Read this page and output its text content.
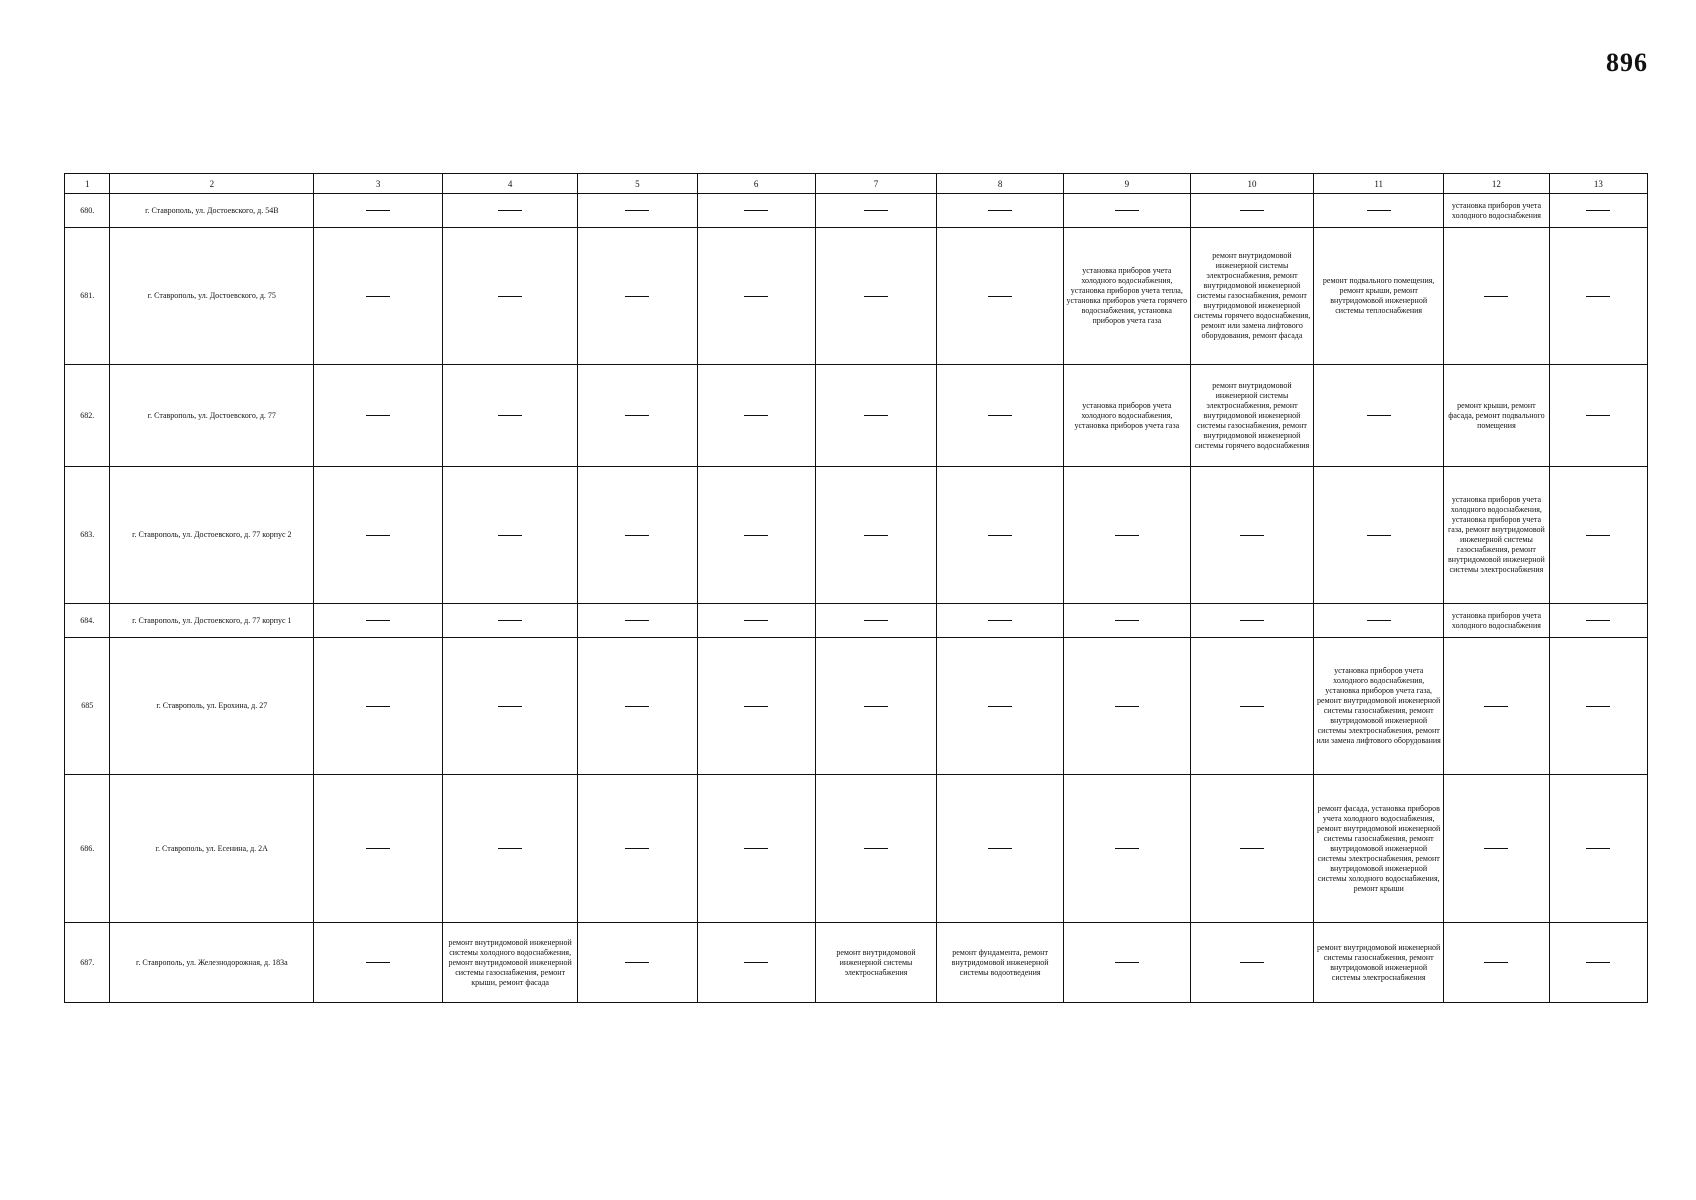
896
1	2	3	4	5	6	7	8	9	10	11	12	13
680.	г. Ставрополь, ул. Достоевского, д. 54В										установка приборов учета холодного водоснабжения	
681.	г. Ставрополь, ул. Достоевского, д. 75							установка приборов учета холодного водоснабжения, установка приборов учета тепла, установка приборов учета горячего водоснабжения, установка приборов учета газа	ремонт внутридомовой инженерной системы электроснабжения, ремонт внутридомовой инженерной системы газоснабжения, ремонт внутридомовой инженерной системы горячего водоснабжения, ремонт или замена лифтового оборудования, ремонт фасада	ремонт подвального помещения, ремонт крыши, ремонт внутридомовой инженерной системы теплоснабжения		
682.	г. Ставрополь, ул. Достоевского, д. 77							установка приборов учета холодного водоснабжения, установка приборов учета газа	ремонт внутридомовой инженерной системы электроснабжения, ремонт внутридомовой инженерной системы газоснабжения, ремонт внутридомовой инженерной системы горячего водоснабжения		ремонт крыши, ремонт фасада, ремонт подвального помещения	
683.	г. Ставрополь, ул. Достоевского, д. 77 корпус 2										установка приборов учета холодного водоснабжения, установка приборов учета газа, ремонт внутридомовой инженерной системы газоснабжения, ремонт внутридомовой инженерной системы электроснабжения	
684.	г. Ставрополь, ул. Достоевского, д. 77 корпус 1										установка приборов учета холодного водоснабжения	
685	г. Ставрополь, ул. Ерохина, д. 27									установка приборов учета холодного водоснабжения, установка приборов учета газа, ремонт внутридомовой инженерной системы газоснабжения, ремонт внутридомовой инженерной системы электроснабжения, ремонт или замена лифтового оборудования		
686.	г. Ставрополь, ул. Есенина, д. 2А									ремонт фасада, установка приборов учета холодного водоснабжения, ремонт внутридомовой инженерной системы газоснабжения, ремонт внутридомовой инженерной системы электроснабжения, ремонт внутридомовой инженерной системы холодного водоснабжения, ремонт крыши		
687.	г. Ставрополь, ул. Железнодорожная, д. 183а		ремонт внутридомовой инженерной системы холодного водоснабжения, ремонт внутридомовой инженерной системы газоснабжения, ремонт крыши, ремонт фасада			ремонт внутридомовой инженерной системы электроснабжения	ремонт фундамента, ремонт внутридомовой инженерной системы водоотведения			ремонт внутридомовой инженерной системы газоснабжения, ремонт внутридомовой инженерной системы электроснабжения		
